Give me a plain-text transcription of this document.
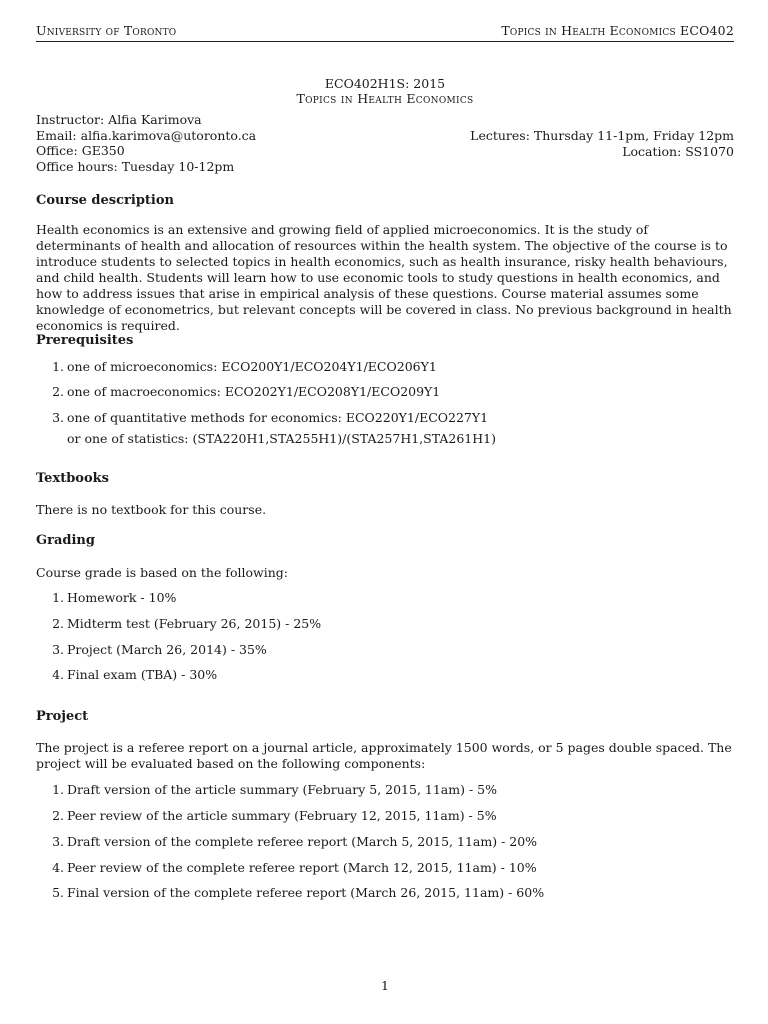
University of Toronto	Topics in Health Economics ECO402
ECO402H1S: 2015
Topics in Health Economics
Instructor: Alfia Karimova
Email: alfia.karimova@utoronto.ca
Office: GE350
Office hours: Tuesday 10-12pm
Lectures: Thursday 11-1pm, Friday 12pm
Location: SS1070
Course description
Health economics is an extensive and growing field of applied microeconomics. It is the study of determinants of health and allocation of resources within the health system. The objective of the course is to introduce students to selected topics in health economics, such as health insurance, risky health behaviours, and child health. Students will learn how to use economic tools to study questions in health economics, and how to address issues that arise in empirical analysis of these questions. Course material assumes some knowledge of econometrics, but relevant concepts will be covered in class. No previous background in health economics is required.
Prerequisites
1. one of microeconomics: ECO200Y1/ECO204Y1/ECO206Y1
2. one of macroeconomics: ECO202Y1/ECO208Y1/ECO209Y1
3. one of quantitative methods for economics: ECO220Y1/ECO227Y1
or one of statistics: (STA220H1,STA255H1)/(STA257H1,STA261H1)
Textbooks
There is no textbook for this course.
Grading
Course grade is based on the following:
1. Homework - 10%
2. Midterm test (February 26, 2015) - 25%
3. Project (March 26, 2014) - 35%
4. Final exam (TBA) - 30%
Project
The project is a referee report on a journal article, approximately 1500 words, or 5 pages double spaced. The project will be evaluated based on the following components:
1. Draft version of the article summary (February 5, 2015, 11am) - 5%
2. Peer review of the article summary (February 12, 2015, 11am) - 5%
3. Draft version of the complete referee report (March 5, 2015, 11am) - 20%
4. Peer review of the complete referee report (March 12, 2015, 11am) - 10%
5. Final version of the complete referee report (March 26, 2015, 11am) - 60%
1
